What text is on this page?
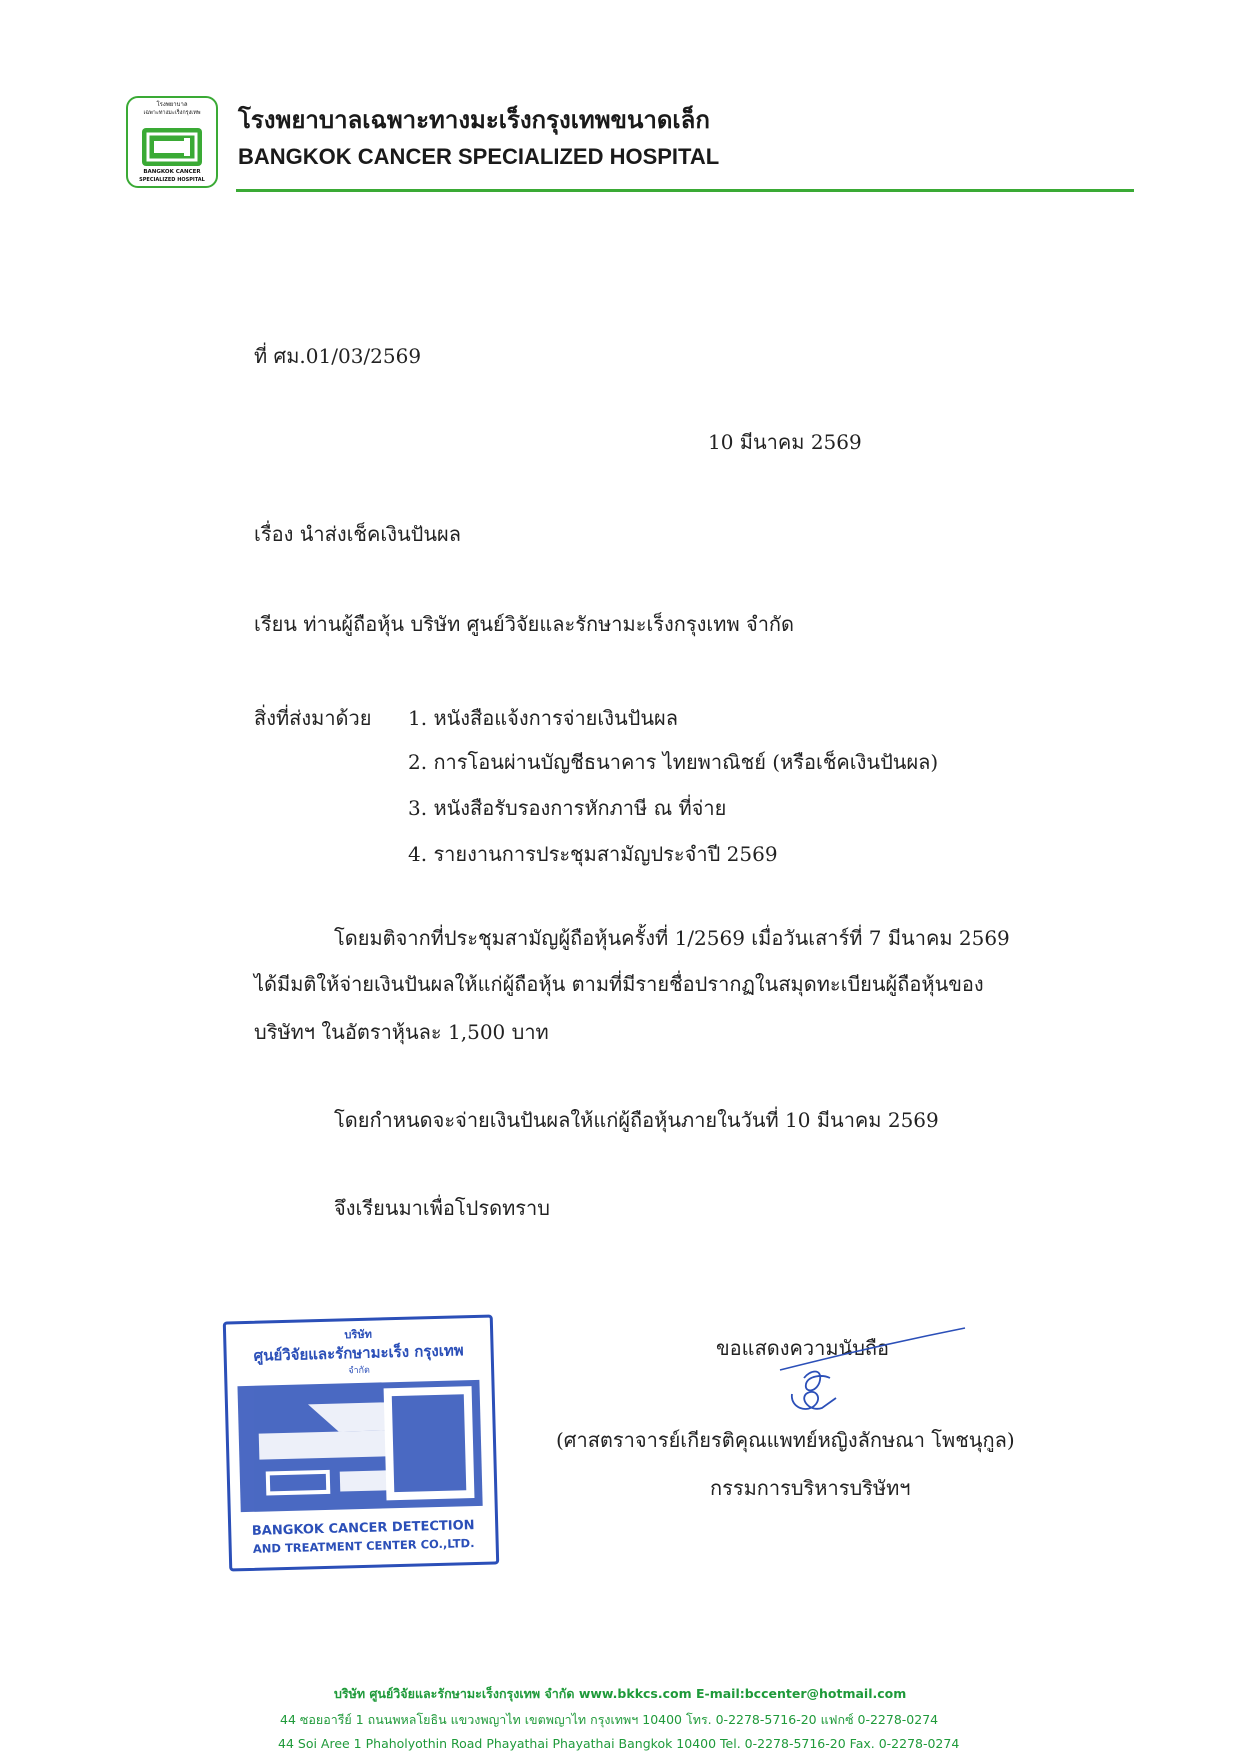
โรงพยาบาล
เฉพาะทางมะเร็งกรุงเทพ
BANGKOK CANCER
SPECIALIZED HOSPITAL
โรงพยาบาลเฉพาะทางมะเร็งกรุงเทพขนาดเล็ก
BANGKOK CANCER SPECIALIZED HOSPITAL
ที่ ศม.01/03/2569
10 มีนาคม 2569
เรื่อง นำส่งเช็คเงินปันผล
เรียน ท่านผู้ถือหุ้น บริษัท ศูนย์วิจัยและรักษามะเร็งกรุงเทพ จำกัด
สิ่งที่ส่งมาด้วย 1. หนังสือแจ้งการจ่ายเงินปันผล
2. การโอนผ่านบัญชีธนาคาร ไทยพาณิชย์ (หรือเช็คเงินปันผล)
3. หนังสือรับรองการหักภาษี ณ ที่จ่าย
4. รายงานการประชุมสามัญประจำปี 2569
โดยมติจากที่ประชุมสามัญผู้ถือหุ้นครั้งที่ 1/2569 เมื่อวันเสาร์ที่ 7 มีนาคม 2569
ได้มีมติให้จ่ายเงินปันผลให้แก่ผู้ถือหุ้น ตามที่มีรายชื่อปรากฏในสมุดทะเบียนผู้ถือหุ้นของ
บริษัทฯ ในอัตราหุ้นละ 1,500 บาท
โดยกำหนดจะจ่ายเงินปันผลให้แก่ผู้ถือหุ้นภายในวันที่ 10 มีนาคม 2569
จึงเรียนมาเพื่อโปรดทราบ
บริษัท
ศูนย์วิจัยและรักษามะเร็ง กรุงเทพ
จำกัด
BANGKOK CANCER DETECTION
AND TREATMENT CENTER CO.,LTD.
ขอแสดงความนับถือ
(ศาสตราจารย์เกียรติคุณแพทย์หญิงลักษณา โพชนุกูล)
กรรมการบริหารบริษัทฯ
บริษัท ศูนย์วิจัยและรักษามะเร็งกรุงเทพ จำกัด www.bkkcs.com E-mail:bccenter@hotmail.com
44 ซอยอารีย์ 1 ถนนพหลโยธิน แขวงพญาไท เขตพญาไท กรุงเทพฯ 10400 โทร. 0-2278-5716-20 แฟกซ์ 0-2278-0274
44 Soi Aree 1 Phaholyothin Road Phayathai Phayathai Bangkok 10400 Tel. 0-2278-5716-20 Fax. 0-2278-0274
